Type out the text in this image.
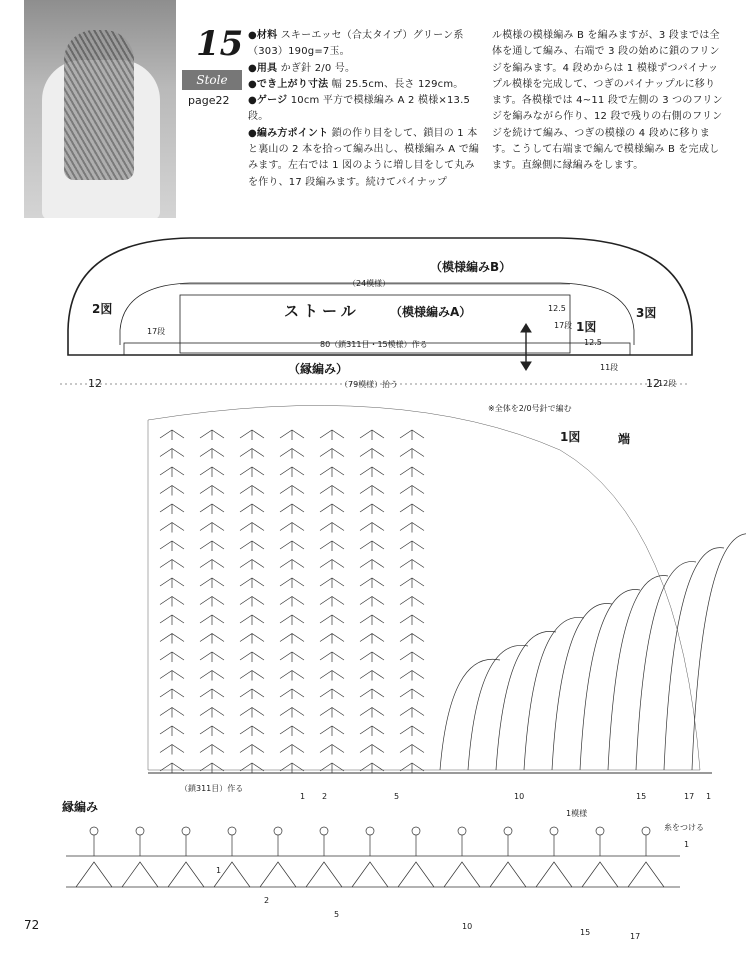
15
Stole
page22

●材料 スキーエッセ（合太タイプ）グリーン系（303）190g=7玉。

●用具 かぎ針 2/0 号。

●でき上がり寸法 幅 25.5cm、長さ 129cm。

●ゲージ 10cm 平方で模様編み A 2 模様×13.5 段。

●編み方ポイント 鎖の作り目をして、鎖目の 1 本と裏山の 2 本を拾って編み出し、模様編み A で編みます。左右では 1 図のように増し目をして丸みを作り、17 段編みます。続けてパイナップ

ル模様の模様編み B を編みますが、3 段までは全体を通して編み、右端で 3 段の始めに鎖のフリンジを編みます。4 段めからは 1 模様ずつパイナップル模様を完成して、つぎのパイナップルに移ります。各模様では 4~11 段で左側の 3 つのフリンジを編みながら作り、12 段で残りの右側のフリンジを続けて編み、つぎの模様の 4 段めに移ります。こうして右端まで編んで模様編み B を完成します。直線側に縁編みをします。

（模様編みB）
（24模様）
2図	3図
1図
ストール	（模様編みA）
（縁編み）
17段
12.5
12.5
17段
80（鎖311目・15模様）作る
11段
12	（79模様）拾う	12
12段
※全体を2/0号針で編む
1図	端
（鎖311目）作る
1 2	5	10	15	17 1
縁編み	1模様
糸をつける
1
1
2
5
10
15	17
72
